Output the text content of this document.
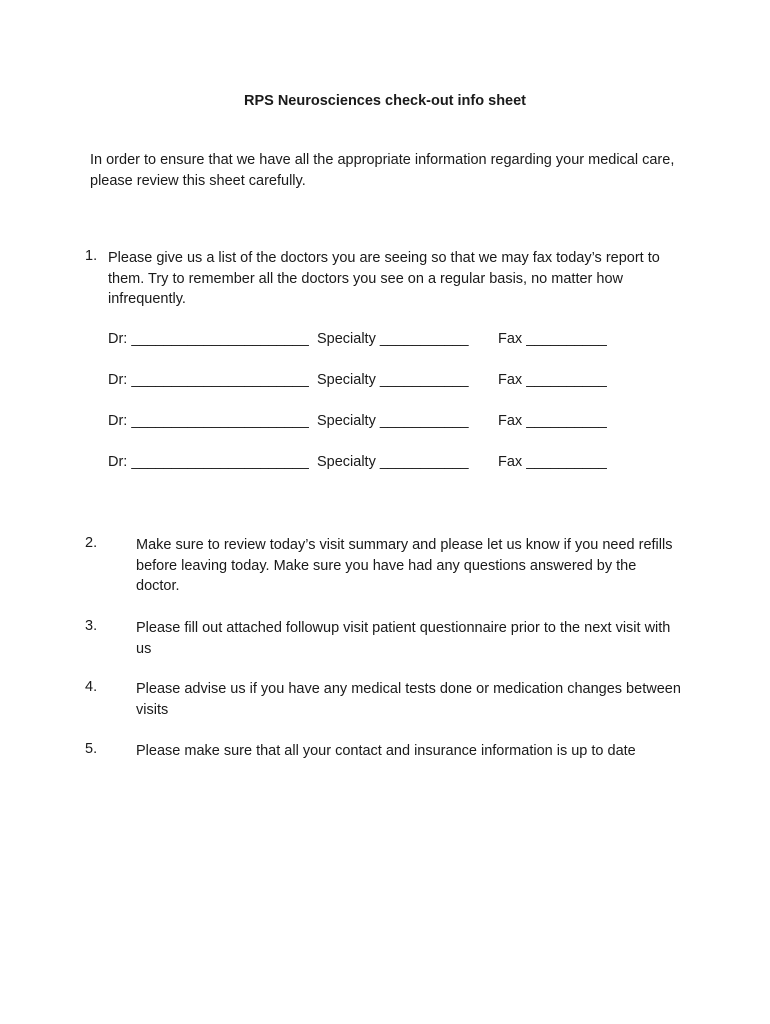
RPS Neurosciences check-out info sheet
In order to ensure that we have all the appropriate information regarding your medical care, please review this sheet carefully.
1. Please give us a list of the doctors you are seeing so that we may fax today’s report to them. Try to remember all the doctors you see on a regular basis, no matter how infrequently.
Dr: ______________________ Specialty ___________ Fax __________
Dr: ______________________ Specialty ___________ Fax __________
Dr: ______________________ Specialty ___________ Fax __________
Dr: ______________________ Specialty ___________ Fax __________
2.	Make sure to review today’s visit summary and please let us know if you need refills before leaving today. Make sure you have had any questions answered by the doctor.
3.	Please fill out attached followup visit patient questionnaire prior to the next visit with us
4.	Please advise us if you have any medical tests done or medication changes between visits
5.	Please make sure that all your contact and insurance information is up to date
